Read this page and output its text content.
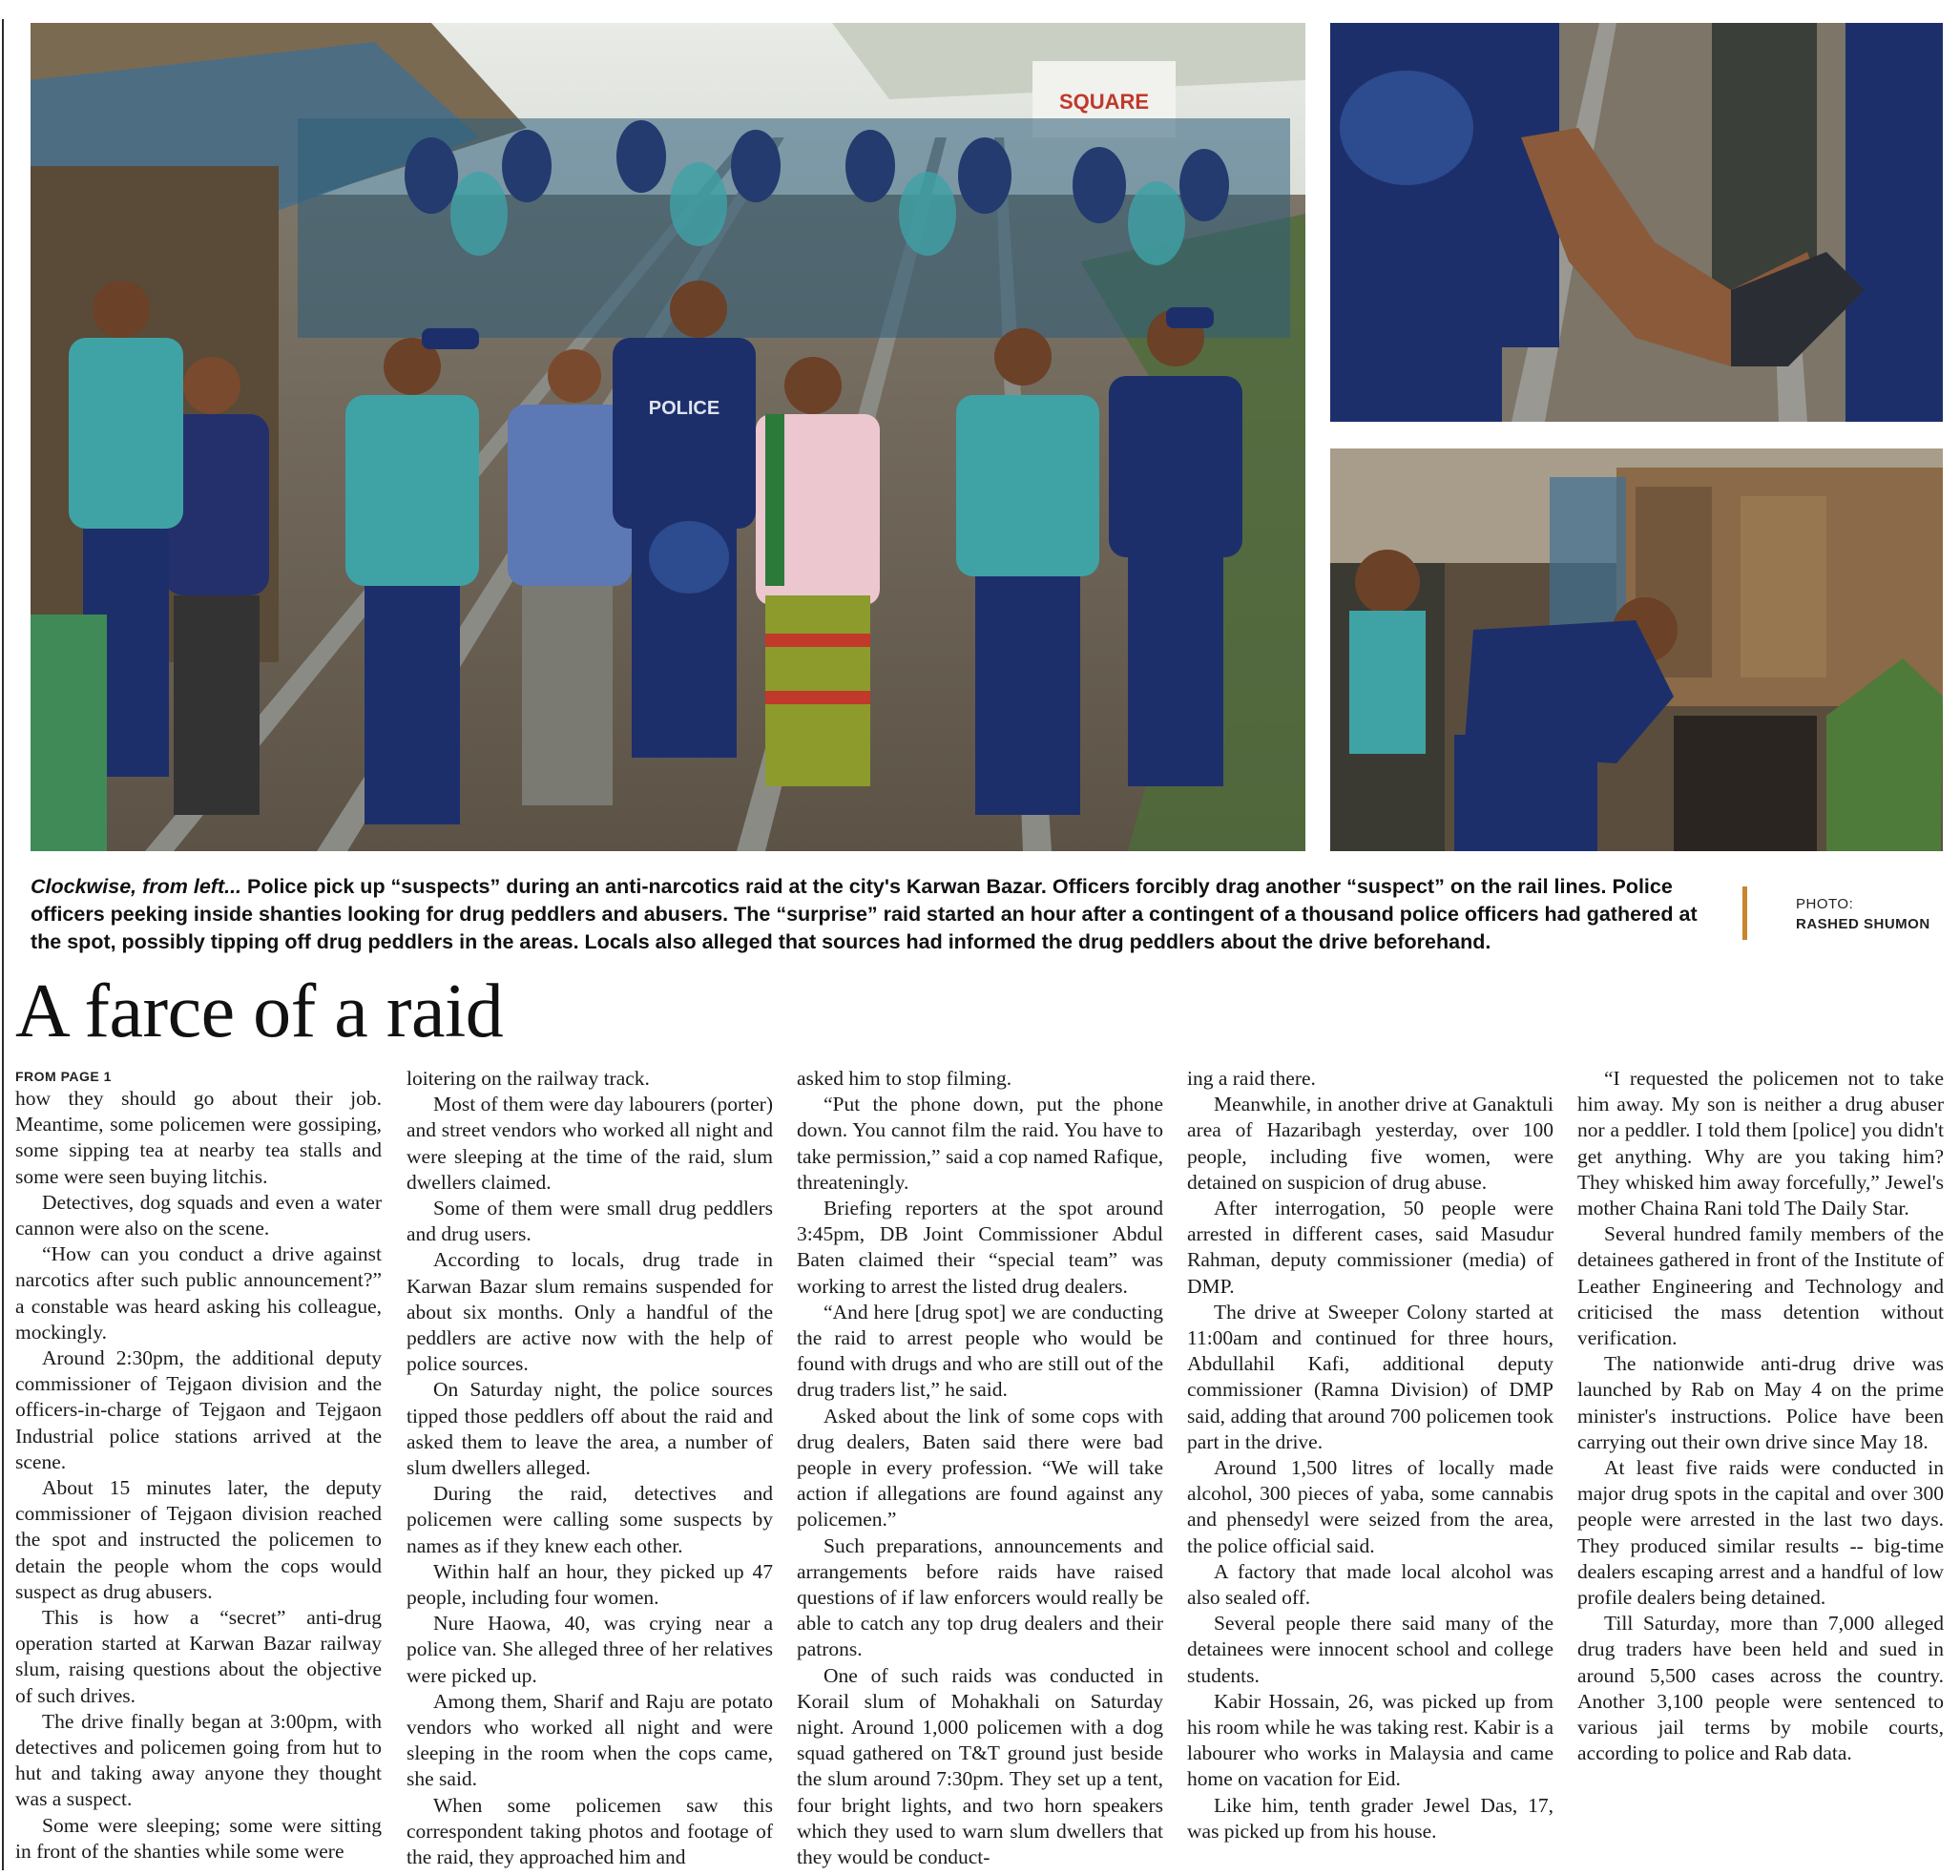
SQUARE
POLICE
Clockwise, from left... Police pick up “suspects” during an anti-narcotics raid at the city's Karwan Bazar. Officers forcibly drag another “suspect” on the rail lines. Police officers peeking inside shanties looking for drug peddlers and abusers. The “surprise” raid started an hour after a contingent of a thousand police officers had gathered at the spot, possibly tipping off drug peddlers in the areas. Locals also alleged that sources had informed the drug peddlers about the drive beforehand.
PHOTO:
RASHED SHUMON
A farce of a raid
FROM PAGE 1

how they should go about their job. Meantime, some policemen were gossiping, some sipping tea at nearby tea stalls and some were seen buying litchis.

Detectives, dog squads and even a water cannon were also on the scene.

“How can you conduct a drive against narcotics after such public announcement?” a constable was heard asking his colleague, mockingly.

Around 2:30pm, the additional deputy commissioner of Tejgaon division and the officers-in-charge of Tejgaon and Tejgaon Industrial police stations arrived at the scene.

About 15 minutes later, the deputy commissioner of Tejgaon division reached the spot and instructed the policemen to detain the people whom the cops would suspect as drug abusers.

This is how a “secret” anti-drug operation started at Karwan Bazar railway slum, raising questions about the objective of such drives.

The drive finally began at 3:00pm, with detectives and policemen going from hut to hut and taking away anyone they thought was a suspect.

Some were sleeping; some were sitting in front of the shanties while some were

loitering on the railway track.

Most of them were day labourers (porter) and street vendors who worked all night and were sleeping at the time of the raid, slum dwellers claimed.

Some of them were small drug peddlers and drug users.

According to locals, drug trade in Karwan Bazar slum remains suspended for about six months. Only a handful of the peddlers are active now with the help of police sources.

On Saturday night, the police sources tipped those peddlers off about the raid and asked them to leave the area, a number of slum dwellers alleged.

During the raid, detectives and policemen were calling some suspects by names as if they knew each other.

Within half an hour, they picked up 47 people, including four women.

Nure Haowa, 40, was crying near a police van. She alleged three of her relatives were picked up.

Among them, Sharif and Raju are potato vendors who worked all night and were sleeping in the room when the cops came, she said.

When some policemen saw this correspondent taking photos and footage of the raid, they approached him and

asked him to stop filming.

“Put the phone down, put the phone down. You cannot film the raid. You have to take permission,” said a cop named Rafique, threateningly.

Briefing reporters at the spot around 3:45pm, DB Joint Commissioner Abdul Baten claimed their “special team” was working to arrest the listed drug dealers.

“And here [drug spot] we are conducting the raid to arrest people who would be found with drugs and who are still out of the drug traders list,” he said.

Asked about the link of some cops with drug dealers, Baten said there were bad people in every profession. “We will take action if allegations are found against any policemen.”

Such preparations, announcements and arrangements before raids have raised questions of if law enforcers would really be able to catch any top drug dealers and their patrons.

One of such raids was conducted in Korail slum of Mohakhali on Saturday night. Around 1,000 policemen with a dog squad gathered on T&T ground just beside the slum around 7:30pm. They set up a tent, four bright lights, and two horn speakers which they used to warn slum dwellers that they would be conduct-

ing a raid there.

Meanwhile, in another drive at Ganaktuli area of Hazaribagh yesterday, over 100 people, including five women, were detained on suspicion of drug abuse.

After interrogation, 50 people were arrested in different cases, said Masudur Rahman, deputy commissioner (media) of DMP.

The drive at Sweeper Colony started at 11:00am and continued for three hours, Abdullahil Kafi, additional deputy commissioner (Ramna Division) of DMP said, adding that around 700 policemen took part in the drive.

Around 1,500 litres of locally made alcohol, 300 pieces of yaba, some cannabis and phensedyl were seized from the area, the police official said.

A factory that made local alcohol was also sealed off.

Several people there said many of the detainees were innocent school and college students.

Kabir Hossain, 26, was picked up from his room while he was taking rest. Kabir is a labourer who works in Malaysia and came home on vacation for Eid.

Like him, tenth grader Jewel Das, 17, was picked up from his house.

“I requested the policemen not to take him away. My son is neither a drug abuser nor a peddler. I told them [police] you didn't get anything. Why are you taking him? They whisked him away forcefully,” Jewel's mother Chaina Rani told The Daily Star.

Several hundred family members of the detainees gathered in front of the Institute of Leather Engineering and Technology and criticised the mass detention without verification.

The nationwide anti-drug drive was launched by Rab on May 4 on the prime minister's instructions. Police have been carrying out their own drive since May 18.

At least five raids were conducted in major drug spots in the capital and over 300 people were arrested in the last two days. They produced similar results -- big-time dealers escaping arrest and a handful of low profile dealers being detained.

Till Saturday, more than 7,000 alleged drug traders have been held and sued in around 5,500 cases across the country. Another 3,100 people were sentenced to various jail terms by mobile courts, according to police and Rab data.
